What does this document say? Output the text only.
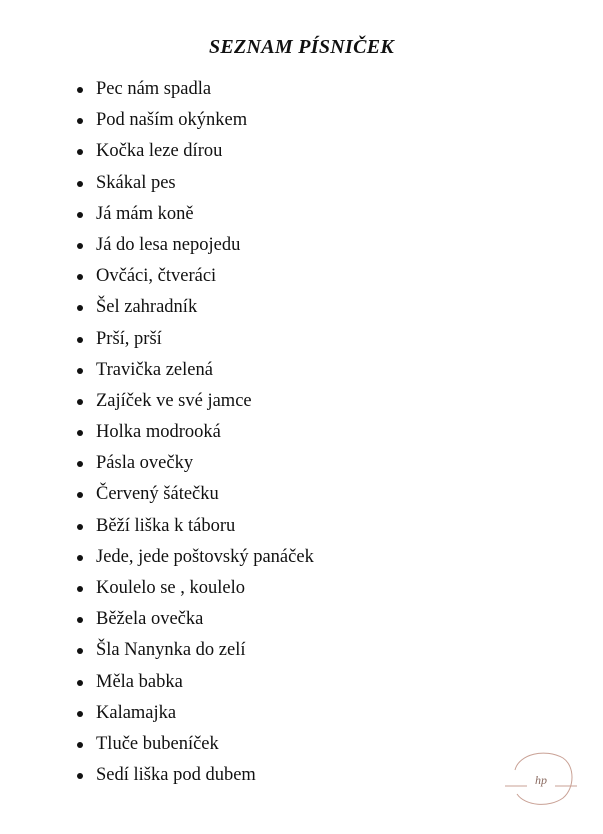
SEZNAM PÍSNIČEK
Pec nám spadla
Pod naším okýnkem
Kočka leze dírou
Skákal pes
Já mám koně
Já do lesa nepojedu
Ovčáci, čtveráci
Šel zahradník
Prší, prší
Travička zelená
Zajíček ve své jamce
Holka modrooká
Pásla ovečky
Červený šátečku
Běží liška k táboru
Jede, jede poštovský panáček
Koulelo se , koulelo
Běžela ovečka
Šla Nanynka do zelí
Měla babka
Kalamajka
Tluče bubeníček
Sedí liška pod dubem	hp
